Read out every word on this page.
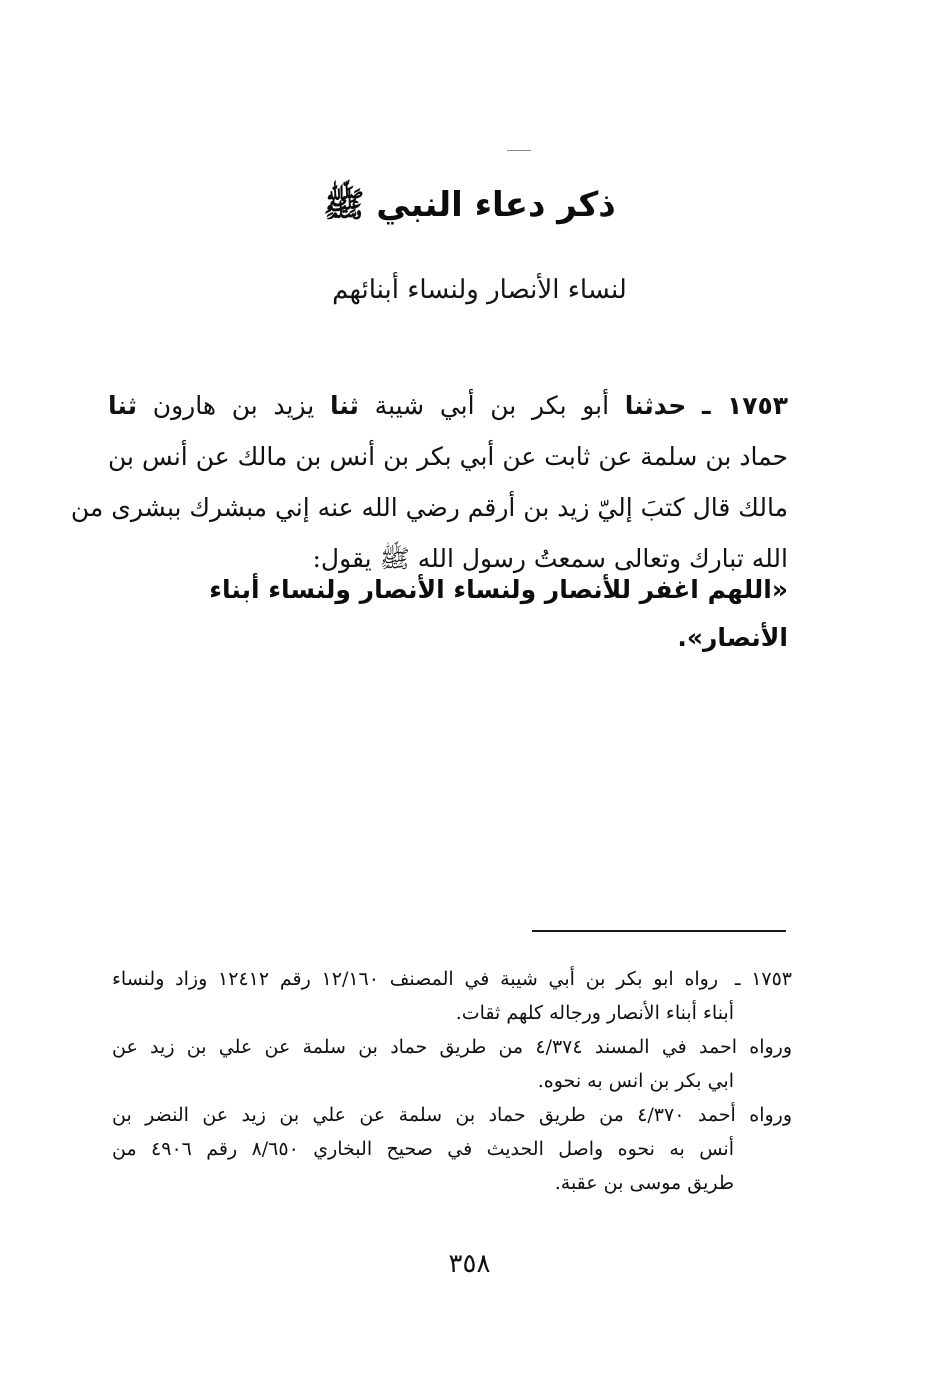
ذكر دعاء النبي ﷺ
لنساء الأنصار ولنساء أبنائهم
١٧٥٣ ـ حدثنا أبو بكر بن أبي شيبة ثنا يزيد بن هارون ثنا
حماد بن سلمة عن ثابت عن أبي بكر بن أنس بن مالك عن أنس بن
مالك قال كتبَ إليّ زيد بن أرقم رضي الله عنه إني مبشرك ببشرى من
الله تبارك وتعالى سمعتُ رسول الله ﷺ يقول:
«اللهم اغفر للأنصار ولنساء الأنصار ولنساء أبناء الأنصار».
١٧٥٣ ـ رواه ابو بكر بن أبي شيبة في المصنف ١٢/١٦٠ رقم ١٢٤١٢ وزاد ولنساء
أبناء أبناء الأنصار ورجاله كلهم ثقات.
ورواه احمد في المسند ٤/٣٧٤ من طريق حماد بن سلمة عن علي بن زيد عن
ابي بكر بن انس به نحوه.
ورواه أحمد ٤/٣٧٠ من طريق حماد بن سلمة عن علي بن زيد عن النضر بن
أنس به نحوه واصل الحديث في صحيح البخاري ٨/٦٥٠ رقم ٤٩٠٦ من
طريق موسى بن عقبة.
٣٥٨
